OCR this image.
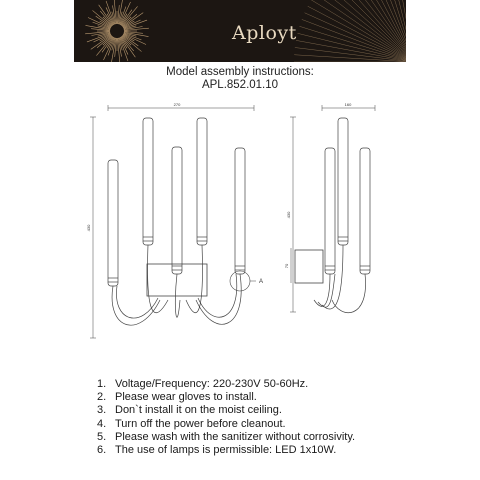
Aployt
Model assembly instructions:
APL.852.01.10
270
430
160
430
70
A
1. Voltage/Frequency: 220-230V 50-60Hz.
2. Please wear gloves to install.
3. Don`t install it on the moist ceiling.
4. Turn off the power before cleanout.
5. Please wash with the sanitizer without corrosivity.
6. The use of lamps is permissible: LED 1x10W.
